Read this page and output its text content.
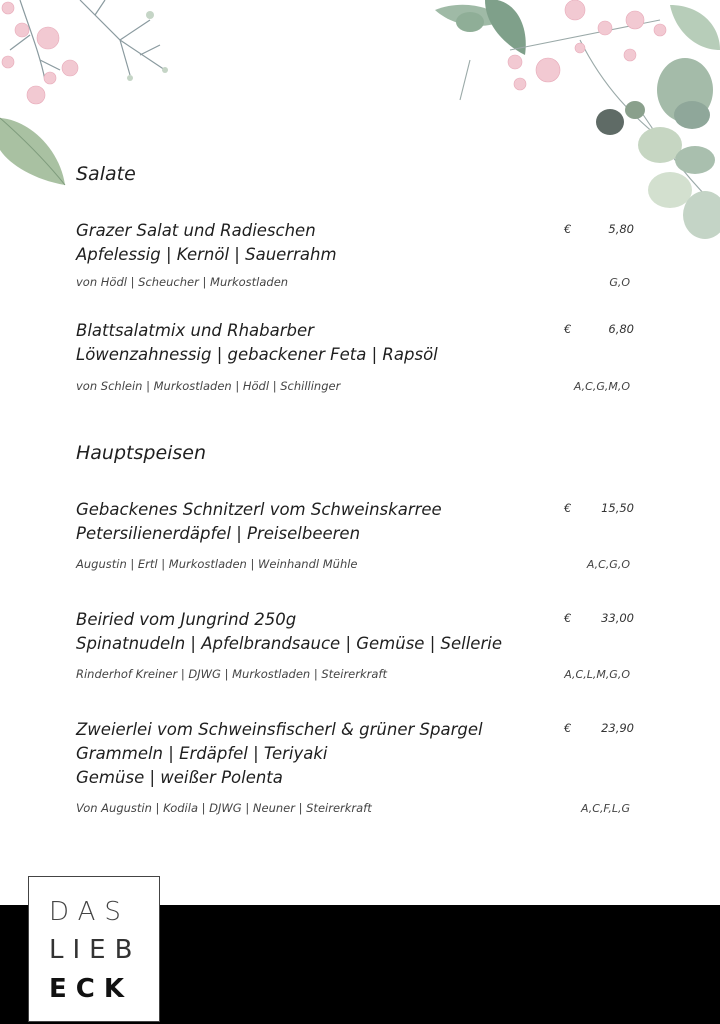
Salate
Grazer Salat und Radieschen
Apfelessig | Kernöl | Sauerrahm
€	5,80
von Hödl | Scheucher | Murkostladen	G,O
Blattsalatmix und Rhabarber
Löwenzahnessig | gebackener Feta | Rapsöl
€	6,80
von Schlein | Murkostladen | Hödl | Schillinger	A,C,G,M,O
Hauptspeisen
Gebackenes Schnitzerl vom Schweinskarree
Petersilienerdäpfel | Preiselbeeren
€	15,50
Augustin | Ertl | Murkostladen | Weinhandl Mühle	A,C,G,O
Beiried vom Jungrind 250g
Spinatnudeln | Apfelbrandsauce | Gemüse | Sellerie
€	33,00
Rinderhof Kreiner | DJWG | Murkostladen | Steirerkraft	A,C,L,M,G,O
Zweierlei vom Schweinsfischerl & grüner Spargel
Grammeln | Erdäpfel | Teriyaki
Gemüse | weißer Polenta
€	23,90
Von Augustin | Kodila | DJWG | Neuner | Steirerkraft	A,C,F,L,G
DAS
LIEB
ECK
